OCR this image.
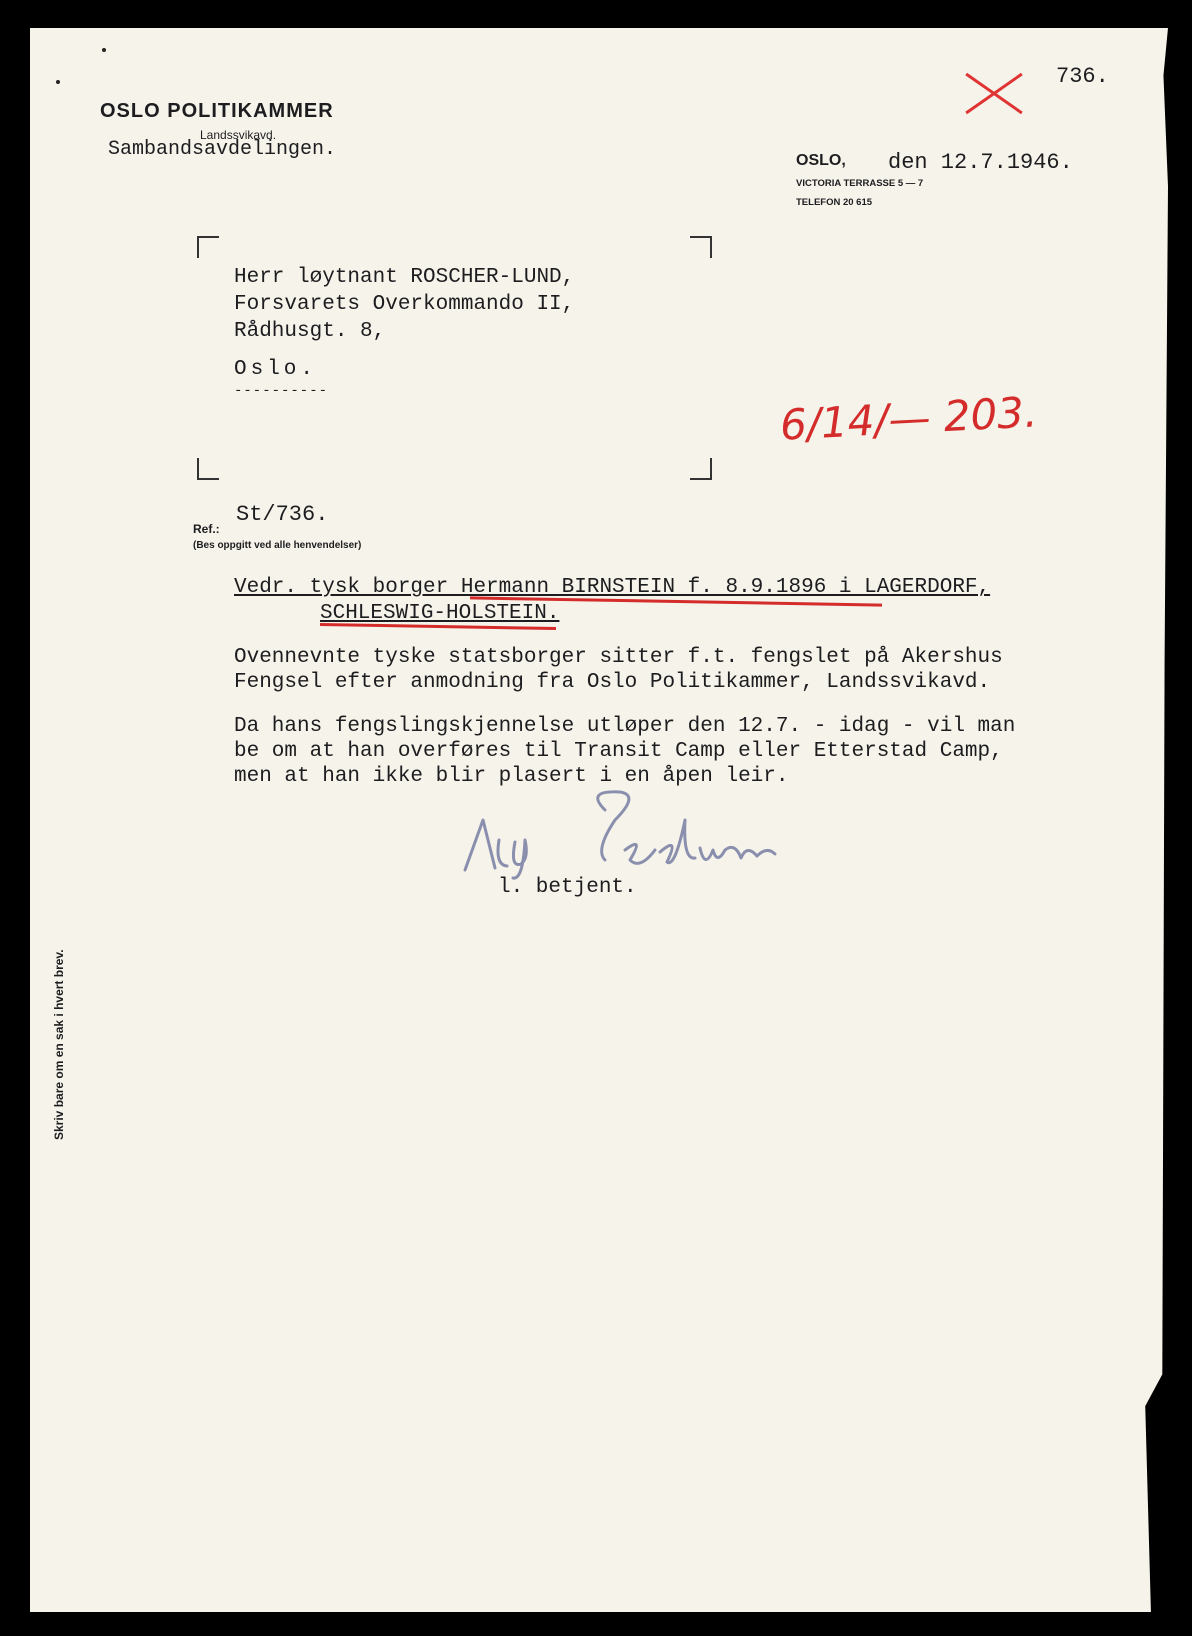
OSLO POLITIKAMMER
Landssvikavd.
Sambandsavdelingen.
736.
OSLO, den 12.7.1946.
VICTORIA TERRASSE 5 — 7
TELEFON 20 615
Herr løytnant ROSCHER-LUND,
Forsvarets Overkommando II,
Rådhusgt. 8,
Oslo.
----------	6/14/— 203.
Ref.:
St/736.
(Bes oppgitt ved alle henvendelser)
Vedr. tysk borger Hermann BIRNSTEIN f. 8.9.1896 i LAGERDORF,
SCHLESWIG-HOLSTEIN.
Ovennevnte tyske statsborger sitter f.t. fengslet på Akershus
Fengsel efter anmodning fra Oslo Politikammer, Landssvikavd.
Da hans fengslingskjennelse utløper den 12.7. - idag - vil man
be om at han overføres til Transit Camp eller Etterstad Camp,
men at han ikke blir plasert i en åpen leir.
l. betjent.
Skriv bare om en sak i hvert brev.
